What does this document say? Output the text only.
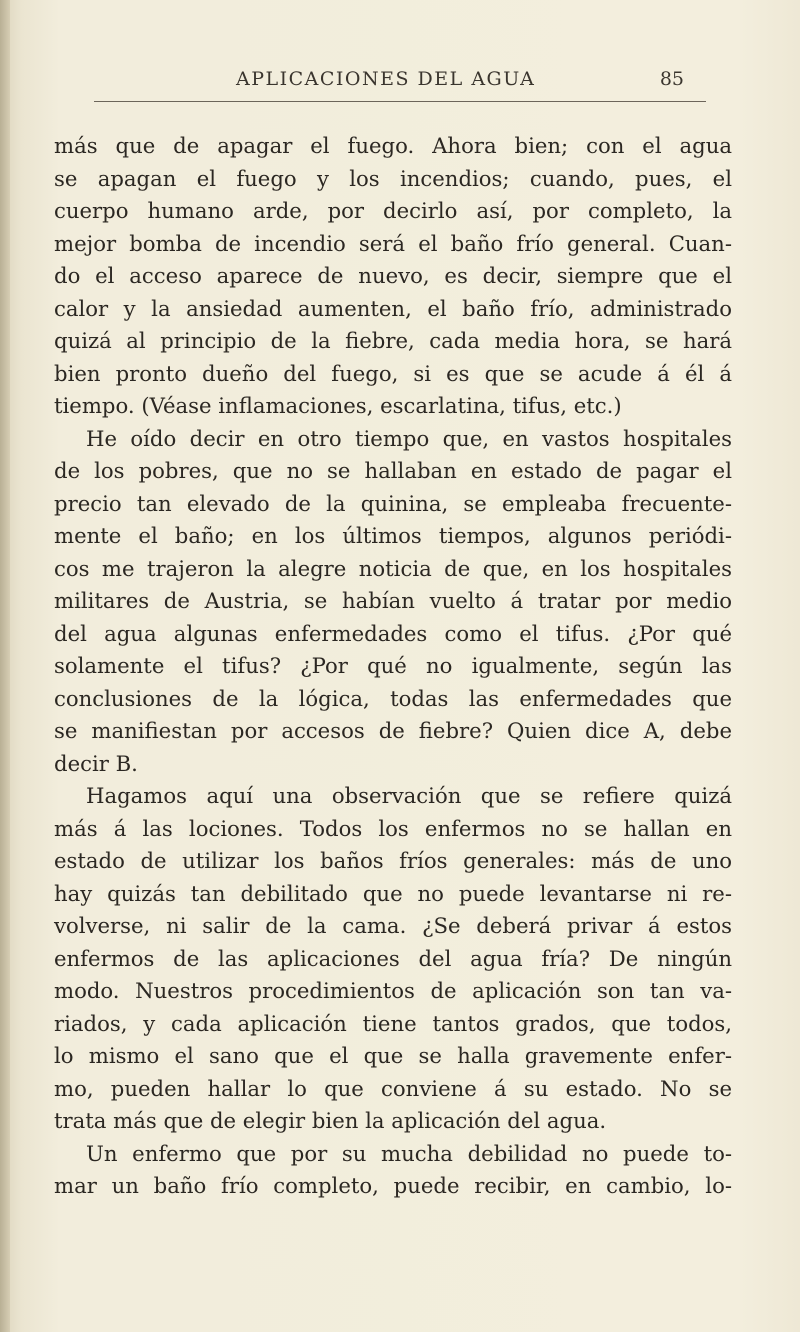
APLICACIONES DEL AGUA	85
más que de apagar el fuego. Ahora bien; con el agua
se apagan el fuego y los incendios; cuando, pues, el
cuerpo humano arde, por decirlo así, por completo, la
mejor bomba de incendio será el baño frío general. Cuan-
do el acceso aparece de nuevo, es decir, siempre que el
calor y la ansiedad aumenten, el baño frío, administrado
quizá al principio de la fiebre, cada media hora, se hará
bien pronto dueño del fuego, si es que se acude á él á
tiempo. (Véase inflamaciones, escarlatina, tifus, etc.)
He oído decir en otro tiempo que, en vastos hospitales
de los pobres, que no se hallaban en estado de pagar el
precio tan elevado de la quinina, se empleaba frecuente-
mente el baño; en los últimos tiempos, algunos periódi-
cos me trajeron la alegre noticia de que, en los hospitales
militares de Austria, se habían vuelto á tratar por medio
del agua algunas enfermedades como el tifus. ¿Por qué
solamente el tifus? ¿Por qué no igualmente, según las
conclusiones de la lógica, todas las enfermedades que
se manifiestan por accesos de fiebre? Quien dice A, debe
decir B.
Hagamos aquí una observación que se refiere quizá
más á las lociones. Todos los enfermos no se hallan en
estado de utilizar los baños fríos generales: más de uno
hay quizás tan debilitado que no puede levantarse ni re-
volverse, ni salir de la cama. ¿Se deberá privar á estos
enfermos de las aplicaciones del agua fría? De ningún
modo. Nuestros procedimientos de aplicación son tan va-
riados, y cada aplicación tiene tantos grados, que todos,
lo mismo el sano que el que se halla gravemente enfer-
mo, pueden hallar lo que conviene á su estado. No se
trata más que de elegir bien la aplicación del agua.
Un enfermo que por su mucha debilidad no puede to-
mar un baño frío completo, puede recibir, en cambio, lo-
